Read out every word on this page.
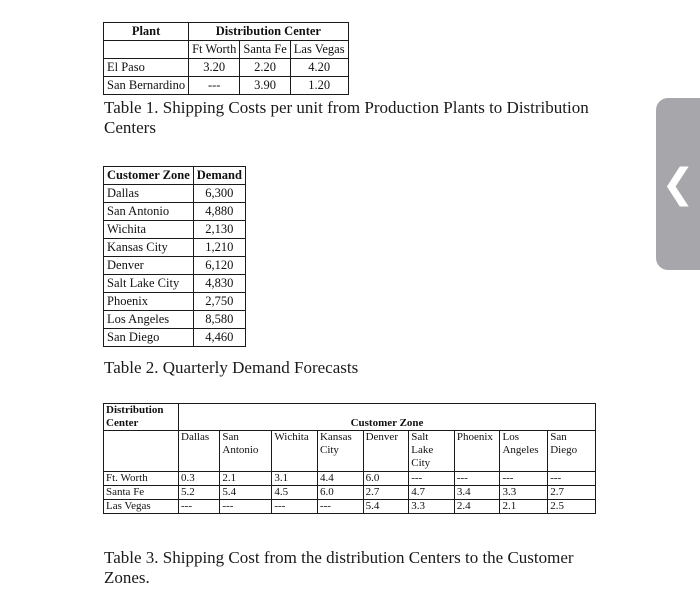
Plant	Distribution Center		
	Ft Worth	Santa Fe	Las Vegas
El Paso	3.20	2.20	4.20
San Bernardino	---	3.90	1.20
Table 1. Shipping Costs per unit from Production Plants to Distribution Centers
Customer Zone	Demand
Dallas	6,300
San Antonio	4,880
Wichita	2,130
Kansas City	1,210
Denver	6,120
Salt Lake City	4,830
Phoenix	2,750
Los Angeles	8,580
San Diego	4,460
Table 2. Quarterly Demand Forecasts
Distribution Center	Customer Zone								
	Dallas	San Antonio	Wichita	Kansas City	Denver	Salt Lake City	Phoenix	Los Angeles	San Diego
Ft. Worth	0.3	2.1	3.1	4.4	6.0	---	---	---	---
Santa Fe	5.2	5.4	4.5	6.0	2.7	4.7	3.4	3.3	2.7
Las Vegas	---	---	---	---	5.4	3.3	2.4	2.1	2.5
Table 3. Shipping Cost from the distribution Centers to the Customer Zones.
❮
